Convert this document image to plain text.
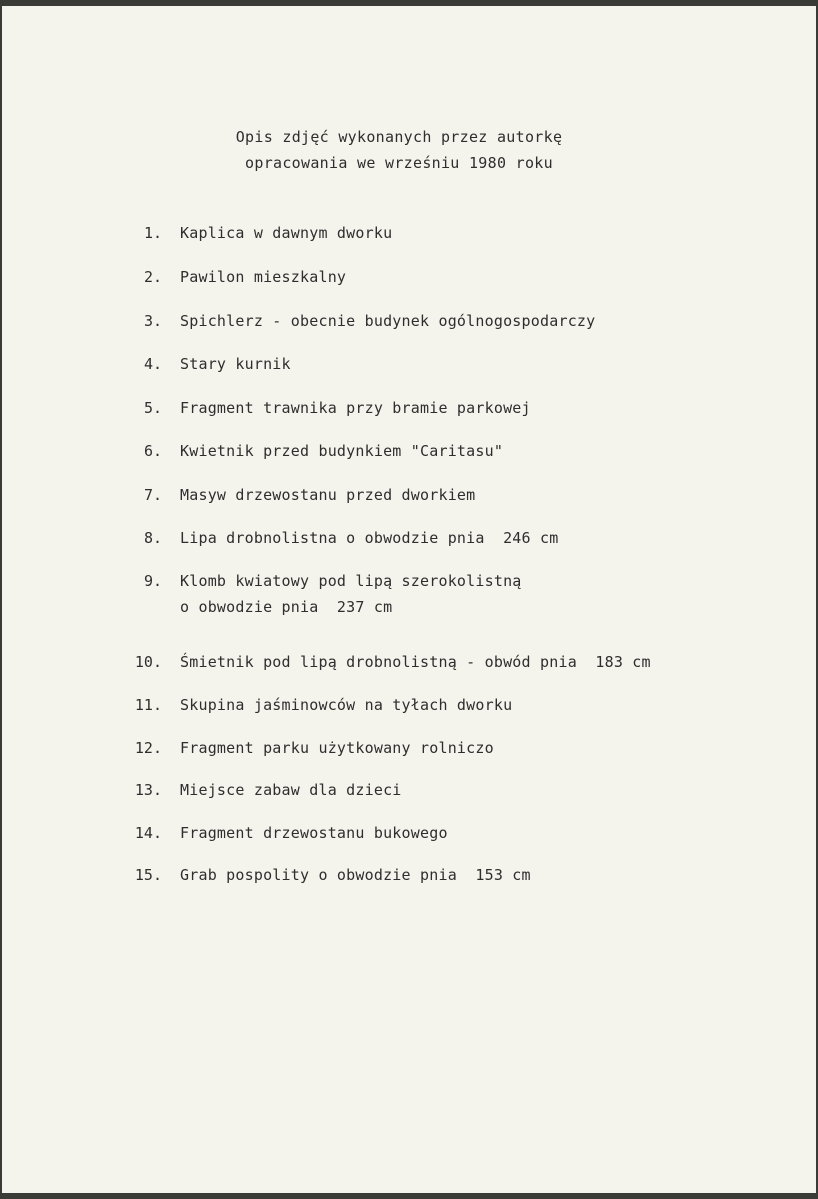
Opis zdjęć wykonanych przez autorkę
opracowania we wrześniu 1980 roku
1. Kaplica w dawnym dworku
2. Pawilon mieszkalny
3. Spichlerz - obecnie budynek ogólnogospodarczy
4. Stary kurnik
5. Fragment trawnika przy bramie parkowej
6. Kwietnik przed budynkiem "Caritasu"
7. Masyw drzewostanu przed dworkiem
8. Lipa drobnolistna o obwodzie pnia  246 cm
9. Klomb kwiatowy pod lipą szerokolistną
o obwodzie pnia  237 cm
10. Śmietnik pod lipą drobnolistną - obwód pnia  183 cm
11. Skupina jaśminowców na tyłach dworku
12. Fragment parku użytkowany rolniczo
13. Miejsce zabaw dla dzieci
14. Fragment drzewostanu bukowego
15. Grab pospolity o obwodzie pnia  153 cm
